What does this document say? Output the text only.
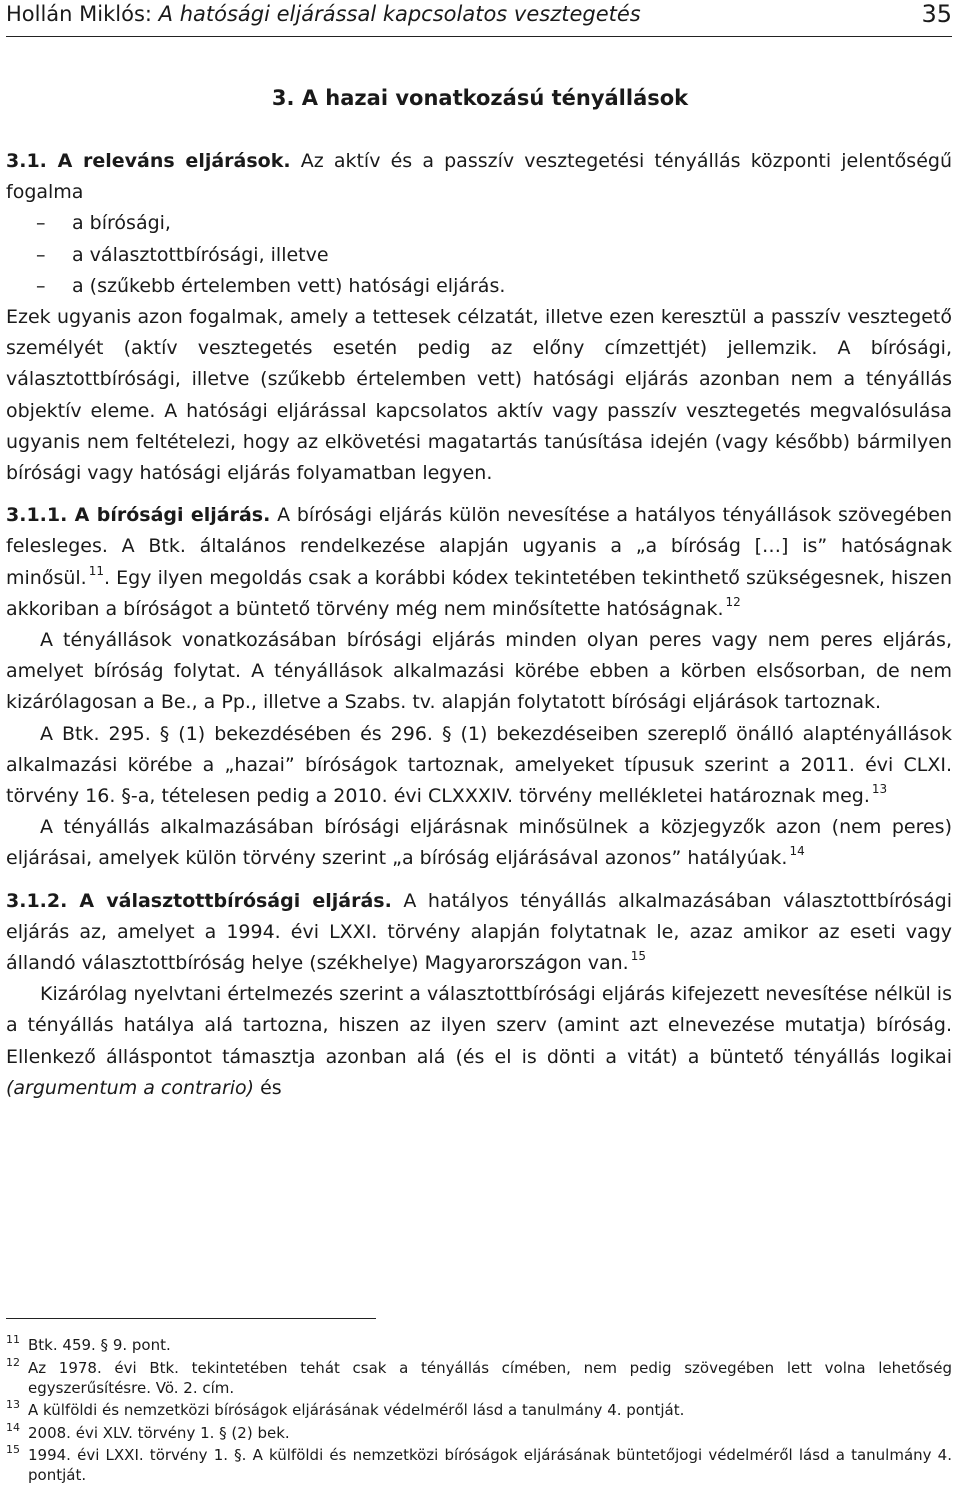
Hollán Miklós: A hatósági eljárással kapcsolatos vesztegetés	35
3. A hazai vonatkozású tényállások

3.1. A releváns eljárások. Az aktív és a passzív vesztegetési tényállás központi jelentőségű fogalma

– a bírósági,
– a választottbírósági, illetve
– a (szűkebb értelemben vett) hatósági eljárás.

Ezek ugyanis azon fogalmak, amely a tettesek célzatát, illetve ezen keresztül a passzív vesztegető személyét (aktív vesztegetés esetén pedig az előny címzettjét) jellemzik. A bírósági, választottbírósági, illetve (szűkebb értelemben vett) hatósági eljárás azonban nem a tényállás objektív eleme. A hatósági eljárással kapcsolatos aktív vagy passzív vesztegetés megvalósulása ugyanis nem feltételezi, hogy az elkövetési magatartás tanúsítása idején (vagy később) bármilyen bírósági vagy hatósági eljárás folyamatban legyen.

3.1.1. A bírósági eljárás. A bírósági eljárás külön nevesítése a hatályos tényállások szövegében felesleges. A Btk. általános rendelkezése alapján ugyanis a „a bíróság […] is” hatóságnak minősül. $^{11}$. Egy ilyen megoldás csak a korábbi kódex tekintetében tekinthető szükségesnek, hiszen akkoriban a bíróságot a büntető törvény még nem minősítette hatóságnak. $^{12}$

A tényállások vonatkozásában bírósági eljárás minden olyan peres vagy nem peres eljárás, amelyet bíróság folytat. A tényállások alkalmazási körébe ebben a körben elsősorban, de nem kizárólagosan a Be., a Pp., illetve a Szabs. tv. alapján folytatott bírósági eljárások tartoznak.

A Btk. 295. § (1) bekezdésében és 296. § (1) bekezdéseiben szereplő önálló alaptényállások alkalmazási körébe a „hazai” bíróságok tartoznak, amelyeket típusuk szerint a 2011. évi CLXI. törvény 16. §-a, tételesen pedig a 2010. évi CLXXXIV. törvény mellékletei határoznak meg. $^{13}$

A tényállás alkalmazásában bírósági eljárásnak minősülnek a közjegyzők azon (nem peres) eljárásai, amelyek külön törvény szerint „a bíróság eljárásával azonos” hatályúak. $^{14}$

3.1.2. A választottbírósági eljárás. A hatályos tényállás alkalmazásában választottbírósági eljárás az, amelyet a 1994. évi LXXI. törvény alapján folytatnak le, azaz amikor az eseti vagy állandó választottbíróság helye (székhelye) Magyarországon van. $^{15}$

Kizárólag nyelvtani értelmezés szerint a választottbírósági eljárás kifejezett nevesítése nélkül is a tényállás hatálya alá tartozna, hiszen az ilyen szerv (amint azt elnevezése mutatja) bíróság. Ellenkező álláspontot támasztja azonban alá (és el is dönti a vitát) a büntető tényállás logikai (argumentum a contrario) és

11 Btk. 459. § 9. pont.
12 Az 1978. évi Btk. tekintetében tehát csak a tényállás címében, nem pedig szövegében lett volna lehetőség egyszerűsítésre. Vö. 2. cím.
13 A külföldi és nemzetközi bíróságok eljárásának védelméről lásd a tanulmány 4. pontját.
14 2008. évi XLV. törvény 1. § (2) bek.
15 1994. évi LXXI. törvény 1. §. A külföldi és nemzetközi bíróságok eljárásának büntetőjogi védelméről lásd a tanulmány 4. pontját.
